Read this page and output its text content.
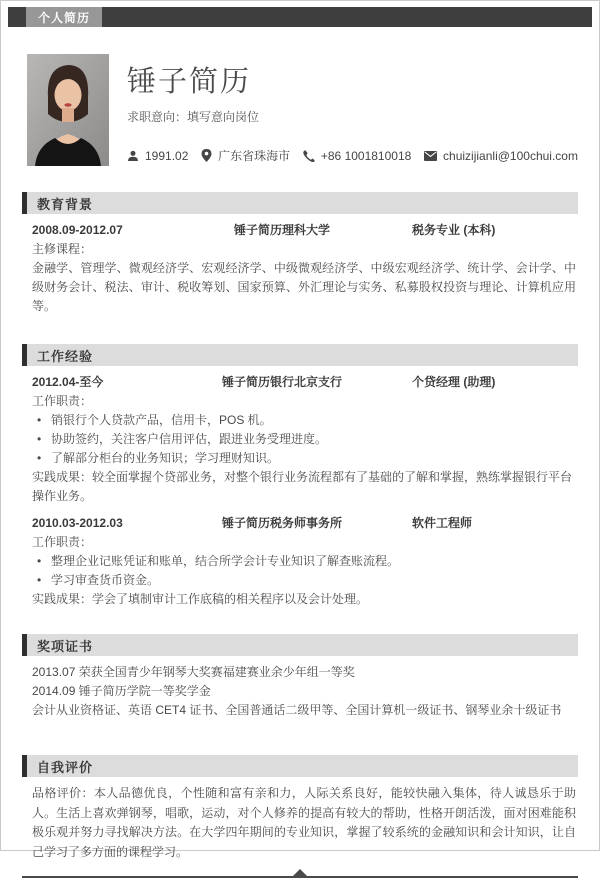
个人简历
锤子简历
求职意向：填写意向岗位
1991.02 广东省珠海市	+86 1001810018	chuizijianli@100chui.com
教育背景
2008.09-2012.07	锤子简历理科大学	税务专业 (本科)
主修课程：
金融学、管理学、微观经济学、宏观经济学、中级微观经济学、中级宏观经济学、统计学、会计学、中级财务会计、税法、审计、税收筹划、国家预算、外汇理论与实务、私募股权投资与理论、计算机应用等。
工作经验
2012.04-至今	锤子简历银行北京支行	个贷经理 (助理)
工作职责：
• 销银行个人贷款产品，信用卡，POS 机。
• 协助签约，关注客户信用评估，跟进业务受理进度。
• 了解部分柜台的业务知识；学习理财知识。
实践成果：较全面掌握个贷部业务，对整个银行业务流程都有了基础的了解和掌握，熟练掌握银行平台操作业务。
2010.03-2012.03	锤子简历税务师事务所	软件工程师
工作职责：
• 整理企业记账凭证和账单，结合所学会计专业知识了解查账流程。
• 学习审查货币资金。
实践成果：学会了填制审计工作底稿的相关程序以及会计处理。
奖项证书
2013.07 荣获全国青少年钢琴大奖赛福建赛业余少年组一等奖
2014.09 锤子简历学院一等奖学金
会计从业资格证、英语 CET4 证书、全国普通话二级甲等、全国计算机一级证书、钢琴业余十级证书
自我评价
品格评价：本人品德优良，个性随和富有亲和力，人际关系良好，能较快融入集体，待人诚恳乐于助人。生活上喜欢弹钢琴，唱歌，运动，对个人修养的提高有较大的帮助，性格开朗活泼，面对困难能积极乐观并努力寻找解决方法。在大学四年期间的专业知识，掌握了较系统的金融知识和会计知识，让自己学习了多方面的课程学习。
